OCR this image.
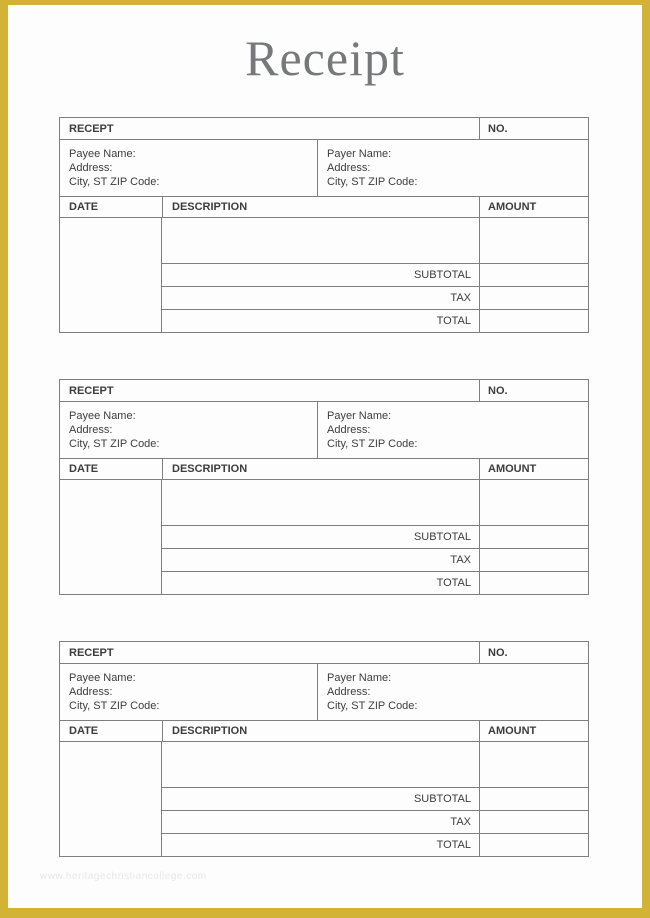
Receipt
RECEPT	NO.
Payee Name:
Address:
City, ST ZIP Code:
Payer Name:
Address:
City, ST ZIP Code:
DATE	DESCRIPTION	AMOUNT
SUBTOTAL
TAX
TOTAL
RECEPT	NO.
Payee Name:
Address:
City, ST ZIP Code:
Payer Name:
Address:
City, ST ZIP Code:
DATE	DESCRIPTION	AMOUNT
SUBTOTAL
TAX
TOTAL
RECEPT	NO.
Payee Name:
Address:
City, ST ZIP Code:
Payer Name:
Address:
City, ST ZIP Code:
DATE	DESCRIPTION	AMOUNT
SUBTOTAL
TAX
TOTAL
www.heritagechristiancollege.com
